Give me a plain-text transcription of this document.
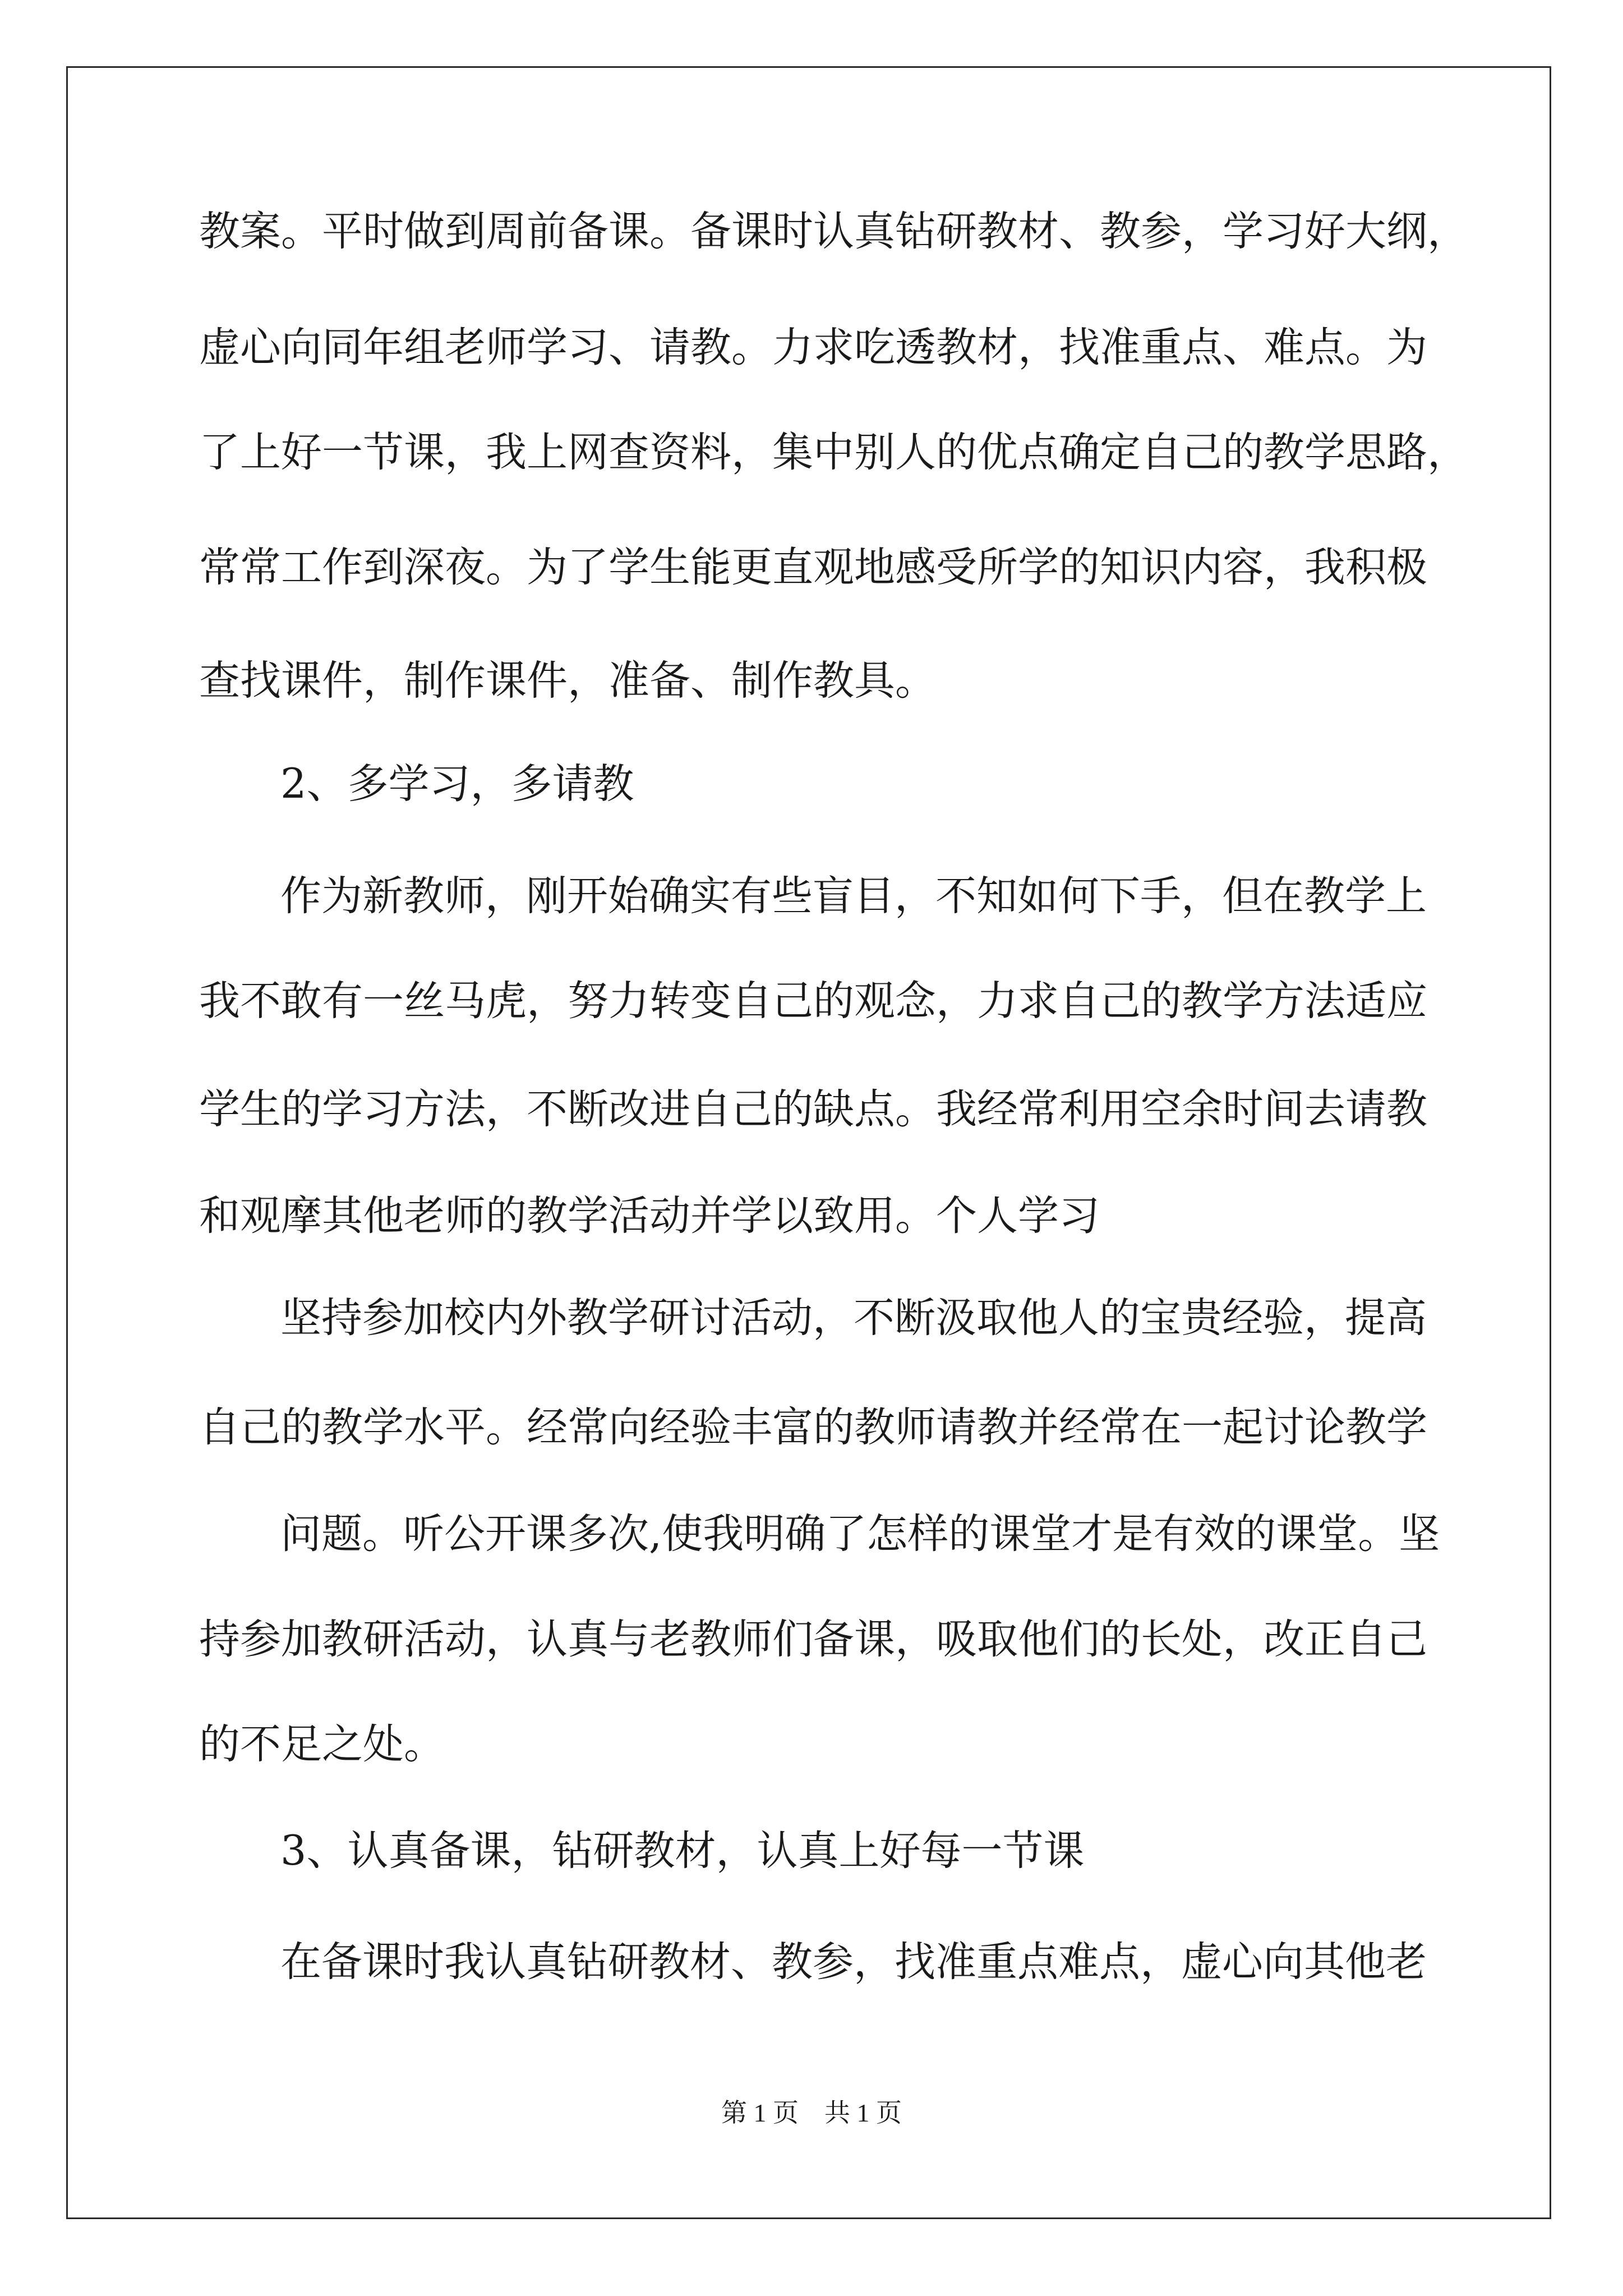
教案。平时做到周前备课。备课时认真钻研教材、教参，学习好大纲，

虚心向同年组老师学习、请教。力求吃透教材，找准重点、难点。为

了上好一节课，我上网查资料，集中别人的优点确定自己的教学思路，

常常工作到深夜。为了学生能更直观地感受所学的知识内容，我积极

查找课件，制作课件，准备、制作教具。

2、多学习，多请教

作为新教师，刚开始确实有些盲目，不知如何下手，但在教学上

我不敢有一丝马虎，努力转变自己的观念，力求自己的教学方法适应

学生的学习方法，不断改进自己的缺点。我经常利用空余时间去请教

和观摩其他老师的教学活动并学以致用。个人学习

坚持参加校内外教学研讨活动，不断汲取他人的宝贵经验，提高

自己的教学水平。经常向经验丰富的教师请教并经常在一起讨论教学

问题。听公开课多次,使我明确了怎样的课堂才是有效的课堂。坚

持参加教研活动，认真与老教师们备课，吸取他们的长处，改正自己

的不足之处。

3、认真备课，钻研教材，认真上好每一节课

在备课时我认真钻研教材、教参，找准重点难点，虚心向其他老

第 1 页　共 1 页
